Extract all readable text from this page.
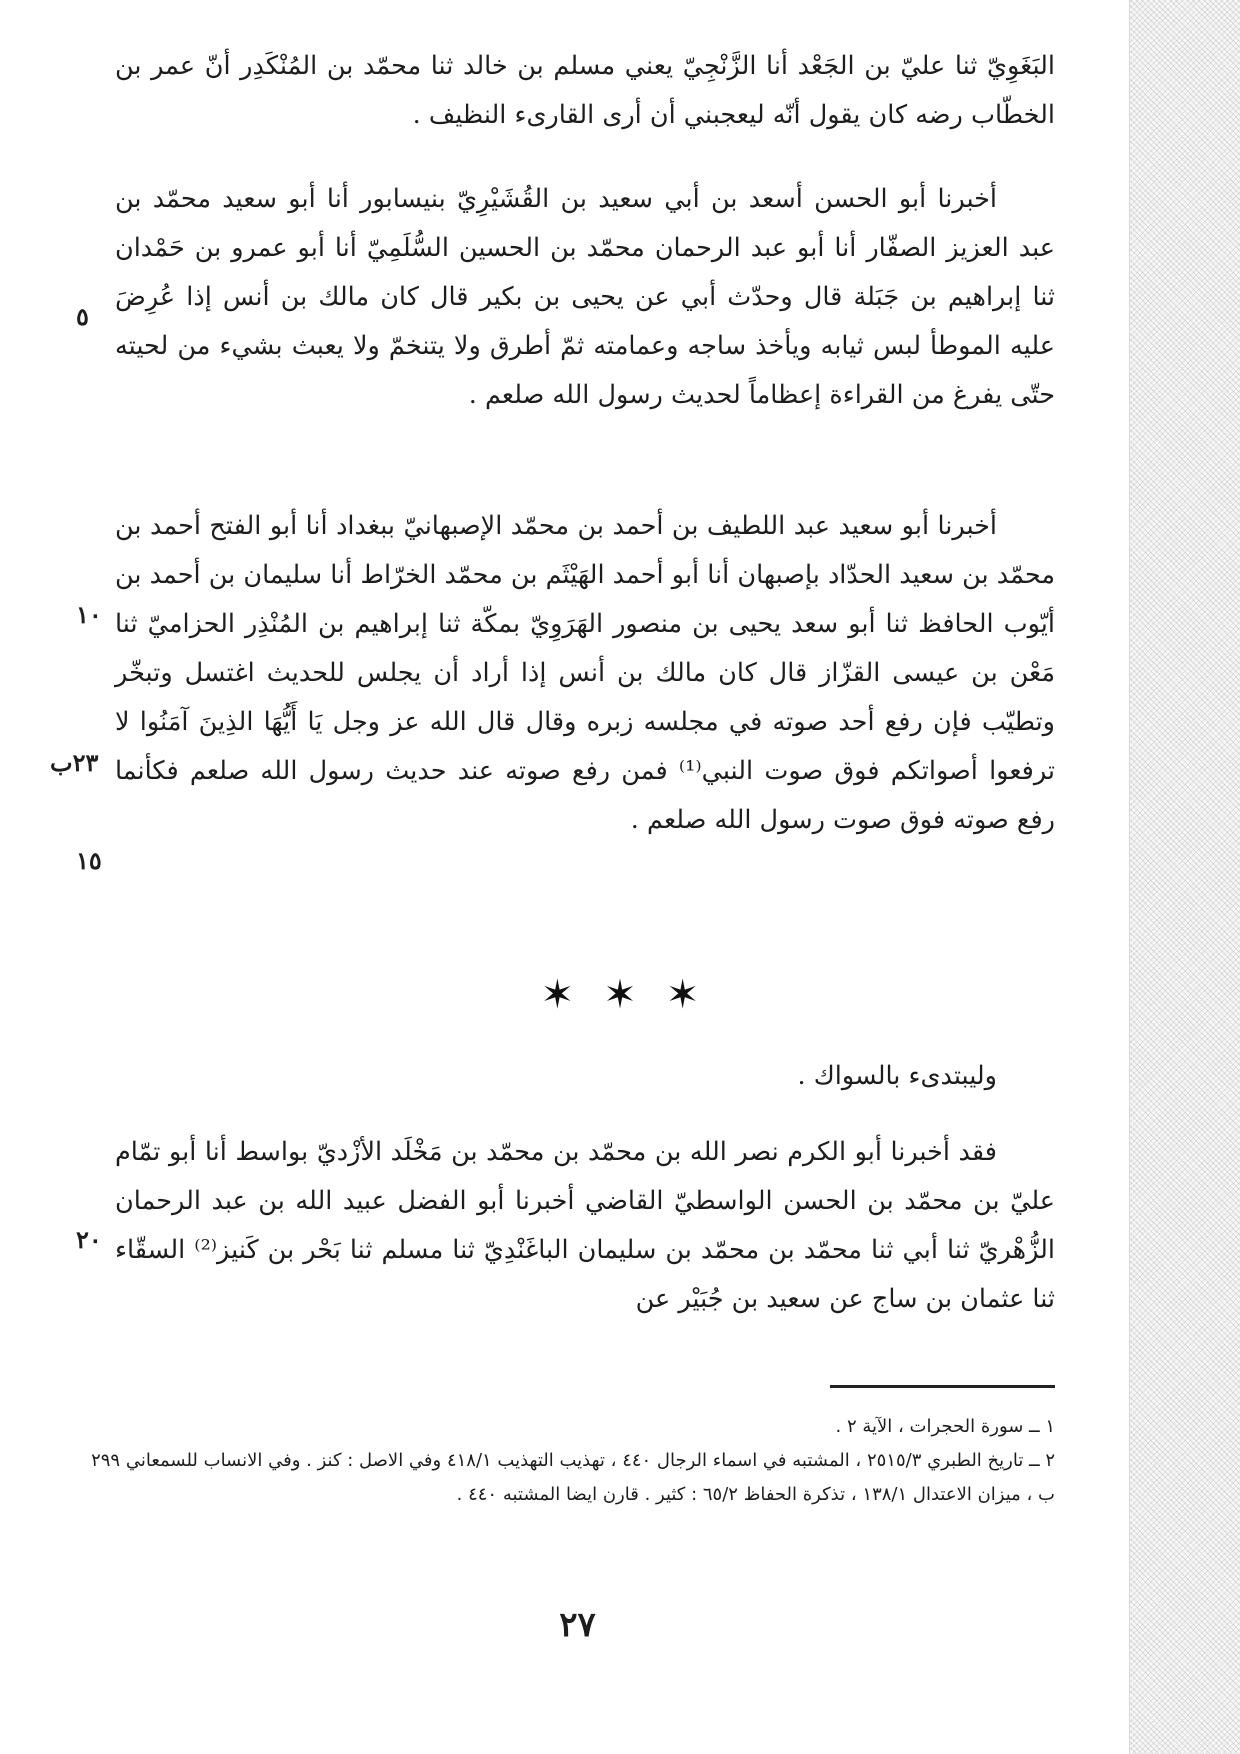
البَغَوِيّ ثنا عليّ بن الجَعْد أنا الزَّنْجِيّ يعني مسلم بن خالد ثنا محمّد بن المُنْكَدِر أنّ عمر بن الخطّاب رضه كان يقول أنّه ليعجبني أن أرى القارىء النظيف .

أخبرنا أبو الحسن أسعد بن أبي سعيد بن القُشَيْرِيّ بنيسابور أنا أبو سعيد محمّد بن عبد العزيز الصفّار أنا أبو عبد الرحمان محمّد بن الحسين السُّلَمِيّ أنا أبو عمرو بن حَمْدان ثنا إبراهيم بن جَبَلة قال وحدّث أبي عن يحيى بن بكير قال كان مالك بن أنس إذا عُرِضَ عليه الموطأ لبس ثيابه ويأخذ ساجه وعمامته ثمّ أطرق ولا يتنخمّ ولا يعبث بشيء من لحيته حتّى يفرغ من القراءة إعظاماً لحديث رسول الله صلعم .

أخبرنا أبو سعيد عبد اللطيف بن أحمد بن محمّد الإصبهانيّ ببغداد أنا أبو الفتح أحمد بن محمّد بن سعيد الحدّاد بإصبهان أنا أبو أحمد الهَيْثَم بن محمّد الخرّاط أنا سليمان بن أحمد بن أيّوب الحافظ ثنا أبو سعد يحيى بن منصور الهَرَوِيّ بمكّة ثنا إبراهيم بن المُنْذِر الحزاميّ ثنا مَعْن بن عيسى القزّاز قال كان مالك بن أنس إذا أراد أن يجلس للحديث اغتسل وتبخّر وتطيّب فإن رفع أحد صوته في مجلسه زبره وقال قال الله عز وجل يَا أَيُّهَا الذِينَ آمَنُوا لا ترفعوا أصواتكم فوق صوت النبي⁽¹⁾ فمن رفع صوته عند حديث رسول الله صلعم فكأنما رفع صوته فوق صوت رسول الله صلعم .

✶ ✶ ✶

وليبتدىء بالسواك .

فقد أخبرنا أبو الكرم نصر الله بن محمّد بن محمّد بن مَخْلَد الأزْديّ بواسط أنا أبو تمّام عليّ بن محمّد بن الحسن الواسطيّ القاضي أخبرنا أبو الفضل عبيد الله بن عبد الرحمان الزُّهْريّ ثنا أبي ثنا محمّد بن محمّد بن سليمان الباغَنْدِيّ ثنا مسلم ثنا بَحْر بن كَنيز⁽²⁾ السقّاء ثنا عثمان بن ساج عن سعيد بن جُبَيْر عن

٥
١٠
٢٣ب
١٥
٢٠

١ ــ سورة الحجرات ، الآية ٢ .

٢ ــ تاريخ الطبري ٢٥١٥/٣ ، المشتبه في اسماء الرجال ٤٤٠ ، تهذيب التهذيب ٤١٨/١ وفي الاصل : كنز . وفي الانساب للسمعاني ٢٩٩ ب ، ميزان الاعتدال ١٣٨/١ ، تذكرة الحفاظ ٦٥/٢ : كثير . قارن ايضا المشتبه ٤٤٠ .

٢٧
